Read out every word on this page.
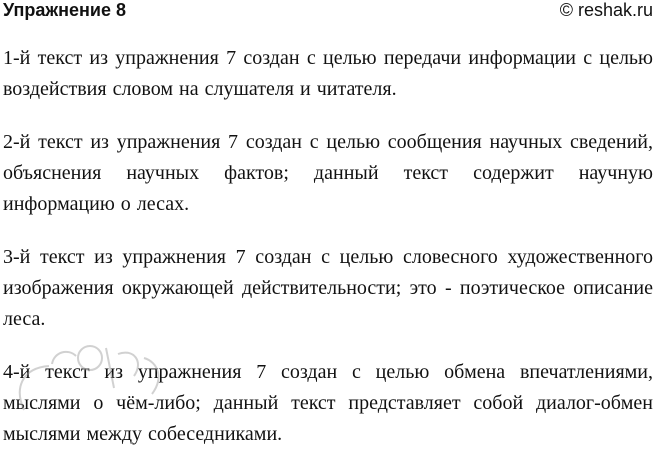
Упражнение 8	© reshak.ru

1-й текст из упражнения 7 создан с целью передачи информации с целью воздействия словом на слушателя и читателя.

2-й текст из упражнения 7 создан с целью сообщения научных сведений, объяснения научных фактов; данный текст содержит научную информацию о лесах.

3-й текст из упражнения 7 создан с целью словесного художественного изображения окружающей действительности; это - поэтическое описание леса.

4-й текст из упражнения 7 создан с целью обмена впечатлениями, мыслями о чём-либо; данный текст представляет собой диалог-обмен мыслями между собеседниками.
